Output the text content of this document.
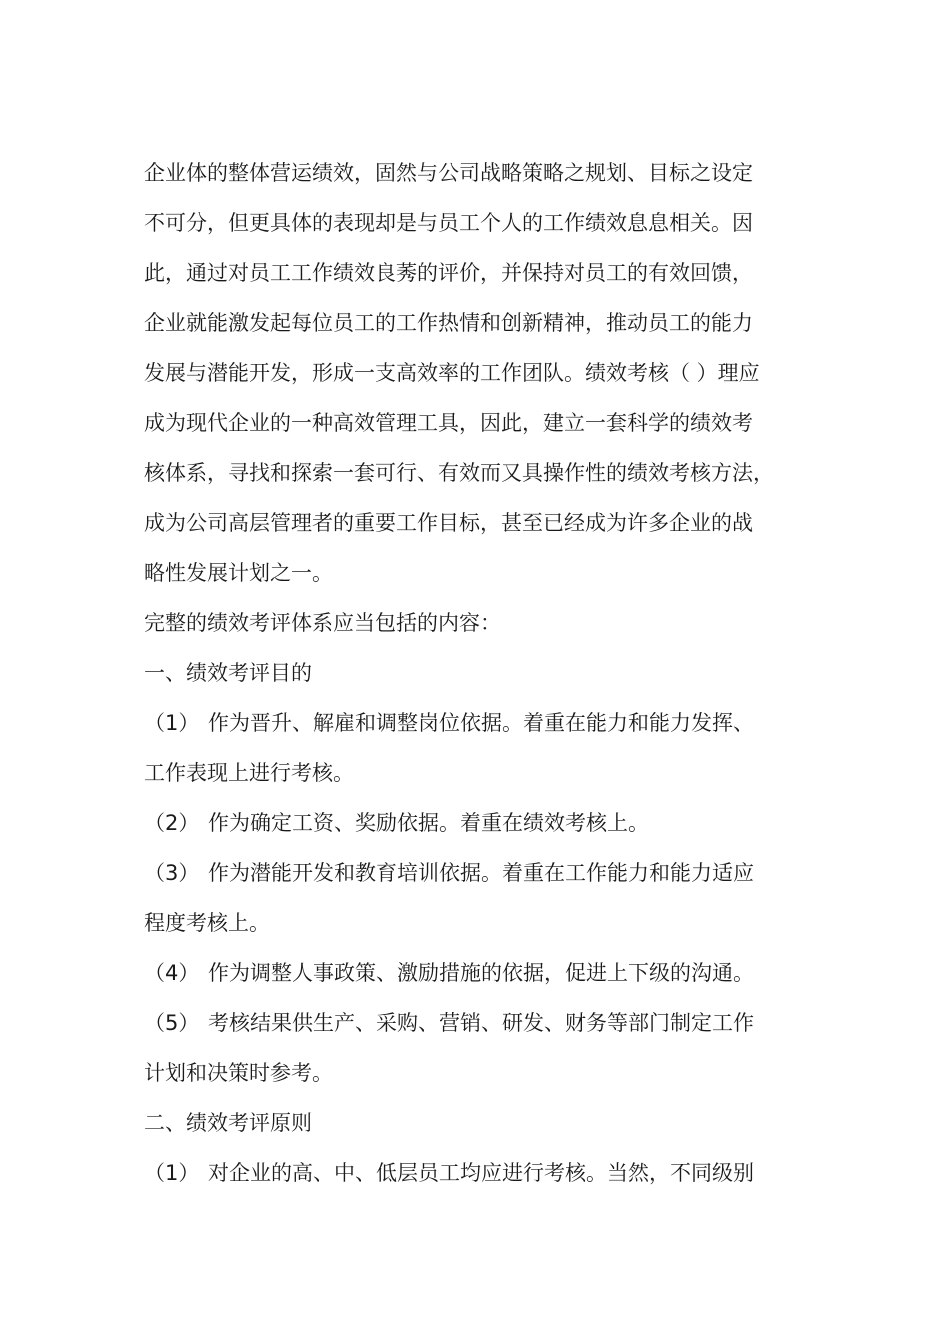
企业体的整体营运绩效，固然与公司战略策略之规划、目标之设定
不可分，但更具体的表现却是与员工个人的工作绩效息息相关。因
此，通过对员工工作绩效良莠的评价，并保持对员工的有效回馈，
企业就能激发起每位员工的工作热情和创新精神，推动员工的能力
发展与潜能开发，形成一支高效率的工作团队。绩效考核（ ）理应
成为现代企业的一种高效管理工具，因此，建立一套科学的绩效考
核体系，寻找和探索一套可行、有效而又具操作性的绩效考核方法，
成为公司高层管理者的重要工作目标，甚至已经成为许多企业的战
略性发展计划之一。
完整的绩效考评体系应当包括的内容：
一、绩效考评目的
（1） 作为晋升、解雇和调整岗位依据。着重在能力和能力发挥、
工作表现上进行考核。
（2） 作为确定工资、奖励依据。着重在绩效考核上。
（3） 作为潜能开发和教育培训依据。着重在工作能力和能力适应
程度考核上。
（4） 作为调整人事政策、激励措施的依据，促进上下级的沟通。
（5） 考核结果供生产、采购、营销、研发、财务等部门制定工作
计划和决策时参考。
二、绩效考评原则
（1） 对企业的高、中、低层员工均应进行考核。当然，不同级别
